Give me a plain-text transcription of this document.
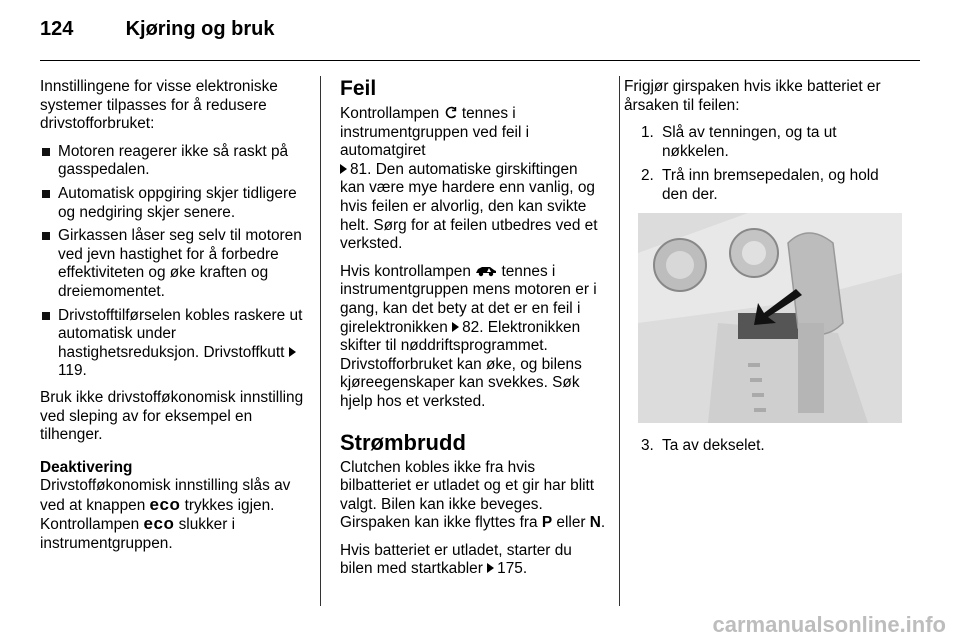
124	Kjøring og bruk

Innstillingene for visse elektroniske systemer tilpasses for å redusere drivstofforbruket:

Motoren reagerer ikke så raskt på gasspedalen.
Automatisk oppgiring skjer tidligere og nedgiring skjer senere.
Girkassen låser seg selv til motoren ved jevn hastighet for å forbedre effektiviteten og øke kraften og dreiemomentet.
Drivstofftilførselen kobles raskere ut automatisk under hastighetsreduksjon. Drivstoffkutt 119.

Bruk ikke drivstofføkonomisk innstilling ved sleping av for eksempel en tilhenger.

Deaktivering

Drivstofføkonomisk innstilling slås av ved at knappen eco trykkes igjen. Kontrollampen eco slukker i instrumentgruppen.

Feil

Kontrollampen tennes i instrumentgruppen ved feil i automatgiret
81. Den automatiske girskiftingen kan være mye hardere enn vanlig, og hvis feilen er alvorlig, den kan svikte helt. Sørg for at feilen utbedres ved et verksted.

Hvis kontrollampen tennes i instrumentgruppen mens motoren er i gang, kan det bety at det er en feil i girelektronikken 82. Elektronikken skifter til nøddriftsprogrammet. Drivstofforbruket kan øke, og bilens kjøreegenskaper kan svekkes. Søk hjelp hos et verksted.

Strømbrudd

Clutchen kobles ikke fra hvis bilbatteriet er utladet og et gir har blitt valgt. Bilen kan ikke beveges. Girspaken kan ikke flyttes fra P eller N.

Hvis batteriet er utladet, starter du bilen med startkabler 175.

Frigjør girspaken hvis ikke batteriet er årsaken til feilen:

1. Slå av tenningen, og ta ut nøkkelen.
2. Trå inn bremsepedalen, og hold den der.
3. Ta av dekselet.
carmanualsonline.info
